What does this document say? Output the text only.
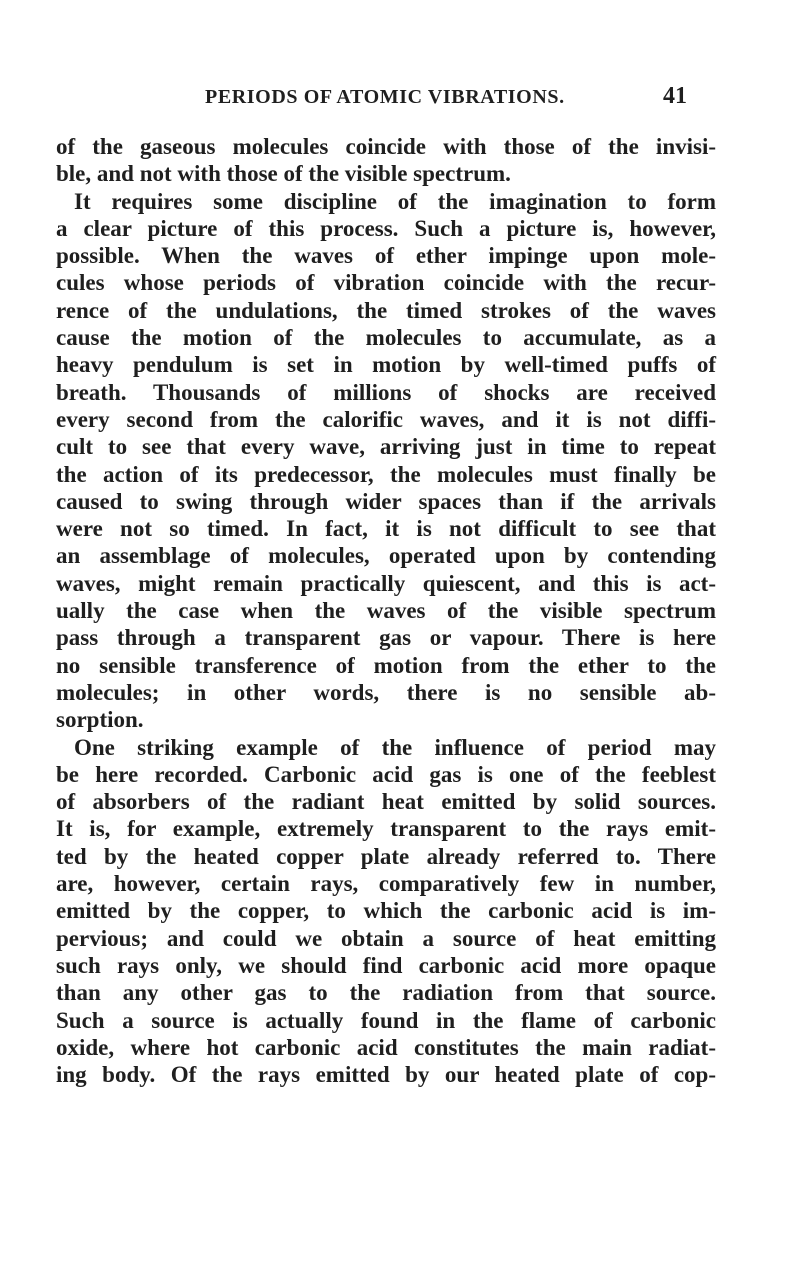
PERIODS OF ATOMIC VIBRATIONS.	41
of the gaseous molecules coincide with those of the invisi-
ble, and not with those of the visible spectrum.
It requires some discipline of the imagination to form
a clear picture of this process. Such a picture is, however,
possible. When the waves of ether impinge upon mole-
cules whose periods of vibration coincide with the recur-
rence of the undulations, the timed strokes of the waves
cause the motion of the molecules to accumulate, as a
heavy pendulum is set in motion by well-timed puffs of
breath. Thousands of millions of shocks are received
every second from the calorific waves, and it is not diffi-
cult to see that every wave, arriving just in time to repeat
the action of its predecessor, the molecules must finally be
caused to swing through wider spaces than if the arrivals
were not so timed. In fact, it is not difficult to see that
an assemblage of molecules, operated upon by contending
waves, might remain practically quiescent, and this is act-
ually the case when the waves of the visible spectrum
pass through a transparent gas or vapour. There is here
no sensible transference of motion from the ether to the
molecules; in other words, there is no sensible ab-
sorption.
One striking example of the influence of period may
be here recorded. Carbonic acid gas is one of the feeblest
of absorbers of the radiant heat emitted by solid sources.
It is, for example, extremely transparent to the rays emit-
ted by the heated copper plate already referred to. There
are, however, certain rays, comparatively few in number,
emitted by the copper, to which the carbonic acid is im-
pervious; and could we obtain a source of heat emitting
such rays only, we should find carbonic acid more opaque
than any other gas to the radiation from that source.
Such a source is actually found in the flame of carbonic
oxide, where hot carbonic acid constitutes the main radiat-
ing body. Of the rays emitted by our heated plate of cop-
